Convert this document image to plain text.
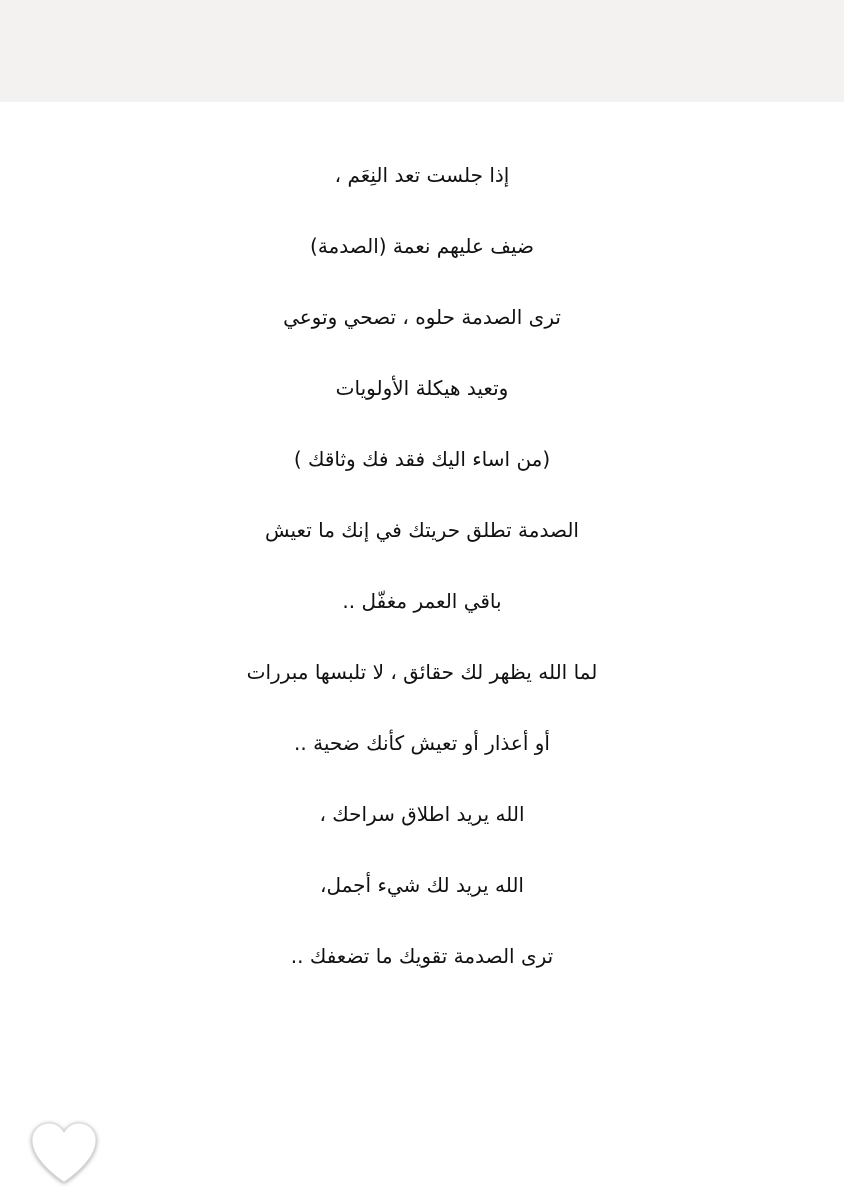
إذا جلست تعد النِعَم ،
ضيف عليهم نعمة (الصدمة)
ترى الصدمة حلوه ، تصحي وتوعي
وتعيد هيكلة الأولويات
(من اساء اليك فقد فك وثاقك )
الصدمة تطلق حريتك في إنك ما تعيش
باقي العمر مغفّل ..
لما الله يظهر لك حقائق ، لا تلبسها مبررات
أو أعذار أو تعيش كأنك ضحية ..
الله يريد اطلاق سراحك ،
الله يريد لك شيء أجمل،
ترى الصدمة تقويك ما تضعفك ..
